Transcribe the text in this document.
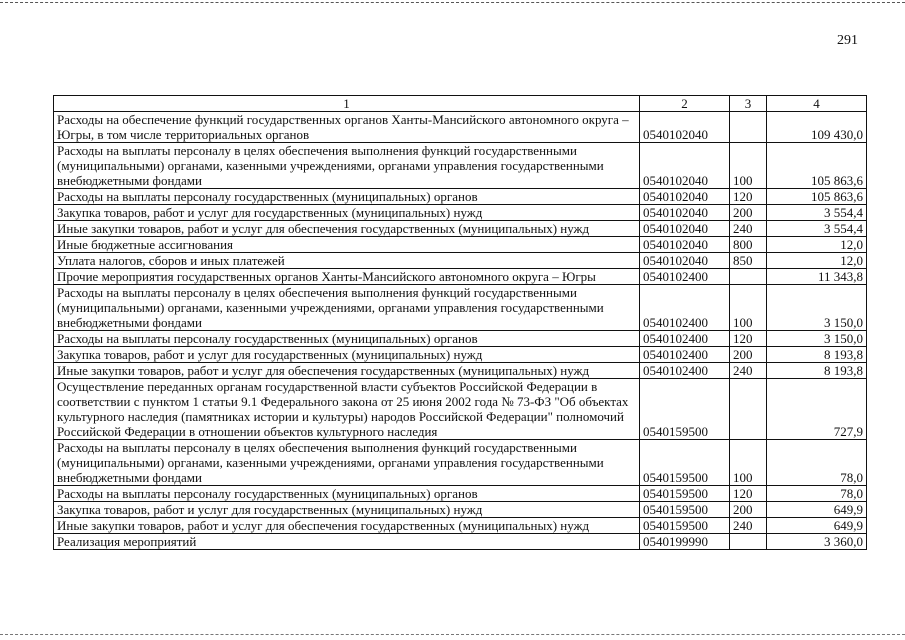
291
1	2	3	4
Расходы на обеспечение функций государственных органов Ханты-Мансийского автономного округа – Югры, в том числе территориальных органов	0540102040		109 430,0
Расходы на выплаты персоналу в целях обеспечения выполнения функций государственными (муниципальными) органами, казенными учреждениями, органами управления государственными внебюджетными фондами	0540102040	100	105 863,6
Расходы на выплаты персоналу государственных (муниципальных) органов	0540102040	120	105 863,6
Закупка товаров, работ и услуг для государственных (муниципальных) нужд	0540102040	200	3 554,4
Иные закупки товаров, работ и услуг для обеспечения государственных (муниципальных) нужд	0540102040	240	3 554,4
Иные бюджетные ассигнования	0540102040	800	12,0
Уплата налогов, сборов и иных платежей	0540102040	850	12,0
Прочие мероприятия государственных органов Ханты-Мансийского автономного округа – Югры	0540102400		11 343,8
Расходы на выплаты персоналу в целях обеспечения выполнения функций государственными (муниципальными) органами, казенными учреждениями, органами управления государственными внебюджетными фондами	0540102400	100	3 150,0
Расходы на выплаты персоналу государственных (муниципальных) органов	0540102400	120	3 150,0
Закупка товаров, работ и услуг для государственных (муниципальных) нужд	0540102400	200	8 193,8
Иные закупки товаров, работ и услуг для обеспечения государственных (муниципальных) нужд	0540102400	240	8 193,8
Осуществление переданных органам государственной власти субъектов Российской Федерации в соответствии с пунктом 1 статьи 9.1 Федерального закона от 25 июня 2002 года № 73-ФЗ "Об объектах культурного наследия (памятниках истории и культуры) народов Российской Федерации" полномочий Российской Федерации в отношении объектов культурного наследия	0540159500		727,9
Расходы на выплаты персоналу в целях обеспечения выполнения функций государственными (муниципальными) органами, казенными учреждениями, органами управления государственными внебюджетными фондами	0540159500	100	78,0
Расходы на выплаты персоналу государственных (муниципальных) органов	0540159500	120	78,0
Закупка товаров, работ и услуг для государственных (муниципальных) нужд	0540159500	200	649,9
Иные закупки товаров, работ и услуг для обеспечения государственных (муниципальных) нужд	0540159500	240	649,9
Реализация мероприятий	0540199990		3 360,0
